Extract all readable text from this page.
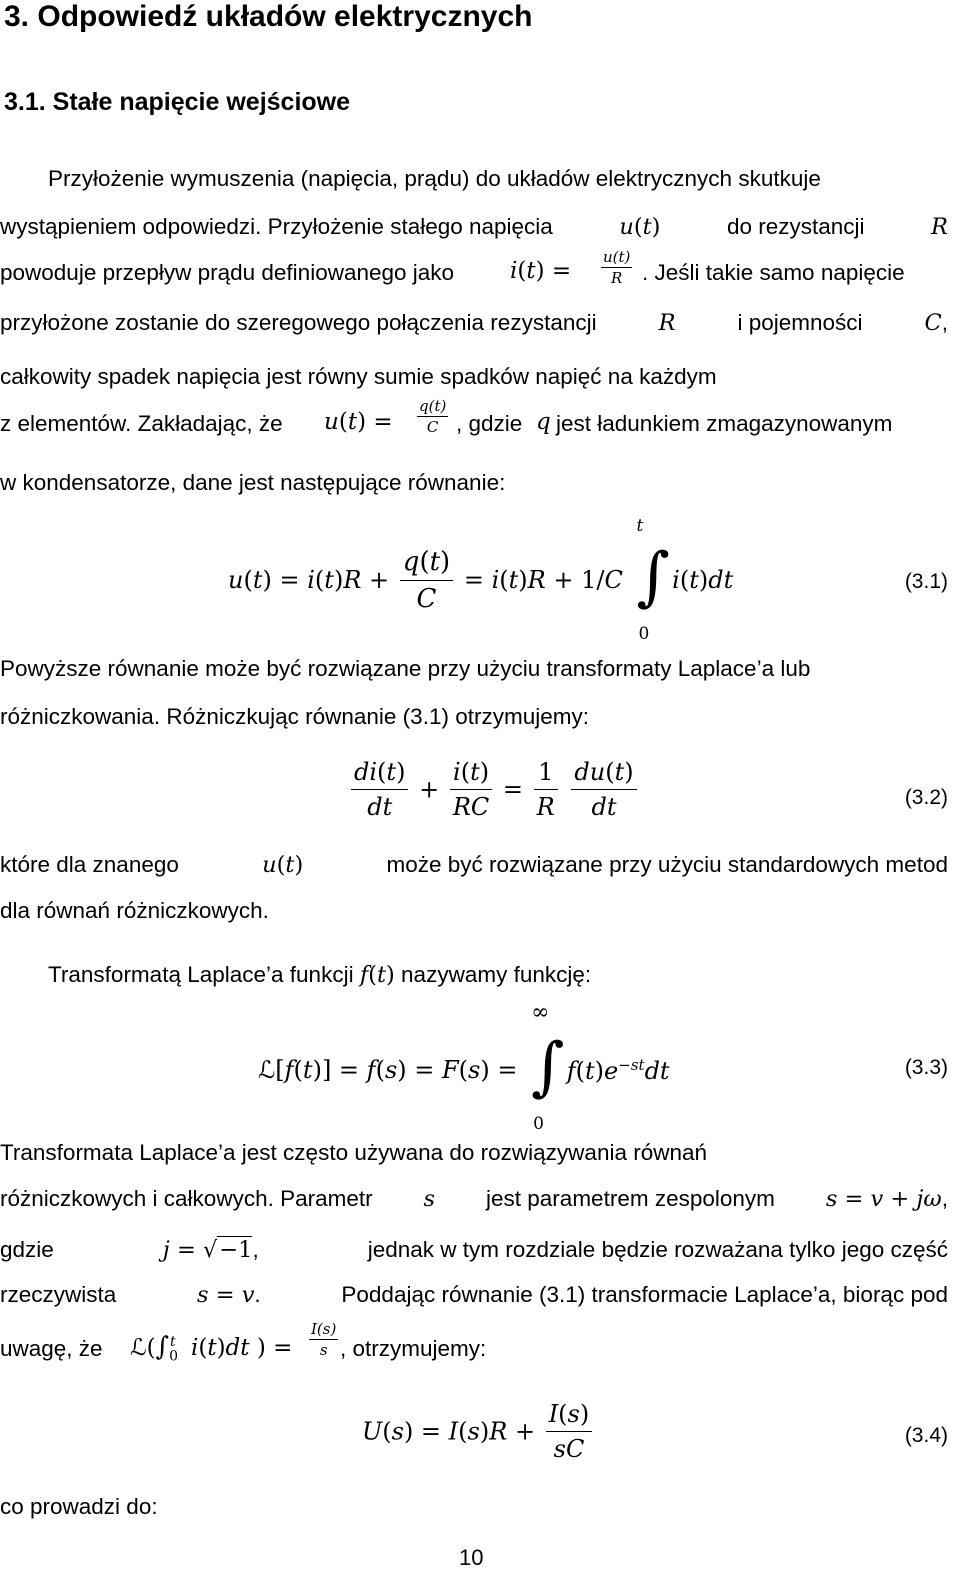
3. Odpowiedź układów elektrycznych
3.1. Stałe napięcie wejściowe
Przyłożenie wymuszenia (napięcia, prądu) do układów elektrycznych skutkuje
wystąpieniem odpowiedzi. Przyłożenie stałego napięcia	u(t)	do rezystancji	R
powoduje przepływ prądu definiowanego jako $i(t) = \frac{u(t)}{R}$ . Jeśli takie samo napięcie
przyłożone zostanie do szeregowego połączenia rezystancji	R	i pojemności	C,
całkowity spadek napięcia jest równy sumie spadków napięć na każdym
z elementów. Zakładając, że $u(t) = \frac{q(t)}{C}$ , gdzie q jest ładunkiem zmagazynowanym
w kondensatorze, dane jest następujące równanie:
$u(t) = i(t)R + \frac{q(t)}{C} = i(t)R + 1/C$
t
∫
0
i(t)dt	(3.1)
Powyższe równanie może być rozwiązane przy użyciu transformaty Laplace’a lub
różniczkowania. Różniczkując równanie (3.1) otrzymujemy:
$\frac{di(t)}{dt} + \frac{i(t)}{RC} = \frac{1}{R}$
$\frac{du(t)}{dt}$	(3.2)
które dla znanego	u(t)	może być rozwiązane przy użyciu standardowych metod
dla równań różniczkowych.
Transformatą Laplace’a funkcji f(t) nazywamy funkcję:
ℒ[f(t)] = f(s) = F(s) =
∞
∫
0
$f(t)e^{-st}dt$	(3.3)
Transformata Laplace’a jest często używana do rozwiązywania równań
różniczkowych i całkowych. Parametr s jest parametrem zespolonym s = v + jω,
gdzie	j = √−1,	jednak w tym rozdziale będzie rozważana tylko jego część
rzeczywista	s = v.	Poddając równanie (3.1) transformacie Laplace’a, biorąc pod
uwagę, że $ℒ(\int_0^t$ i(t)dt ) = $\frac{I(s)}{s}$ , otrzymujemy:
$U(s) = I(s)R + \frac{I(s)}{sC}$	(3.4)
co prowadzi do:
10
